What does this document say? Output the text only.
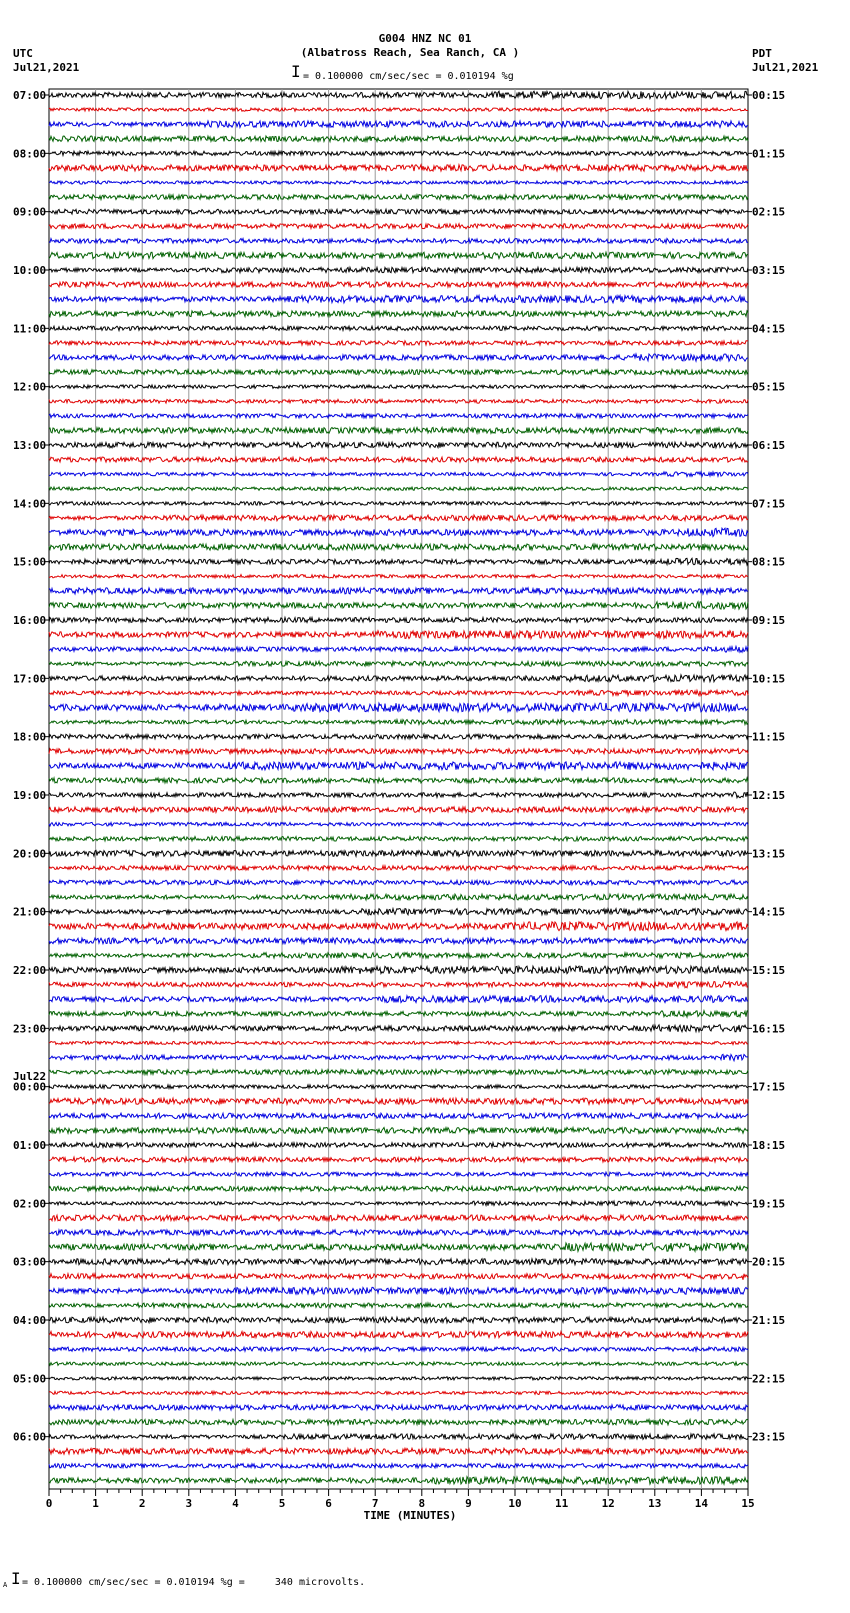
G004 HNZ NC 01
(Albatross Reach, Sea Ranch, CA )
UTC
Jul21,2021
PDT
Jul21,2021
I = 0.100000 cm/sec/sec = 0.010194 %g
Jul22
07:00	00:15
08:00	01:15
09:00	02:15
10:00	03:15
11:00	04:15
12:00	05:15
13:00	06:15
14:00	07:15
15:00	08:15
16:00	09:15
17:00	10:15
18:00	11:15
19:00	12:15
20:00	13:15
21:00	14:15
22:00	15:15
23:00	16:15
00:00	17:15
01:00	18:15
02:00	19:15
03:00	20:15
04:00	21:15
05:00	22:15
06:00	23:15
0	1	2	3	4	5	6	7	8	9	10	11	12	13	14	15
TIME (MINUTES)
A I = 0.100000 cm/sec/sec = 0.010194 %g =     340 microvolts.
